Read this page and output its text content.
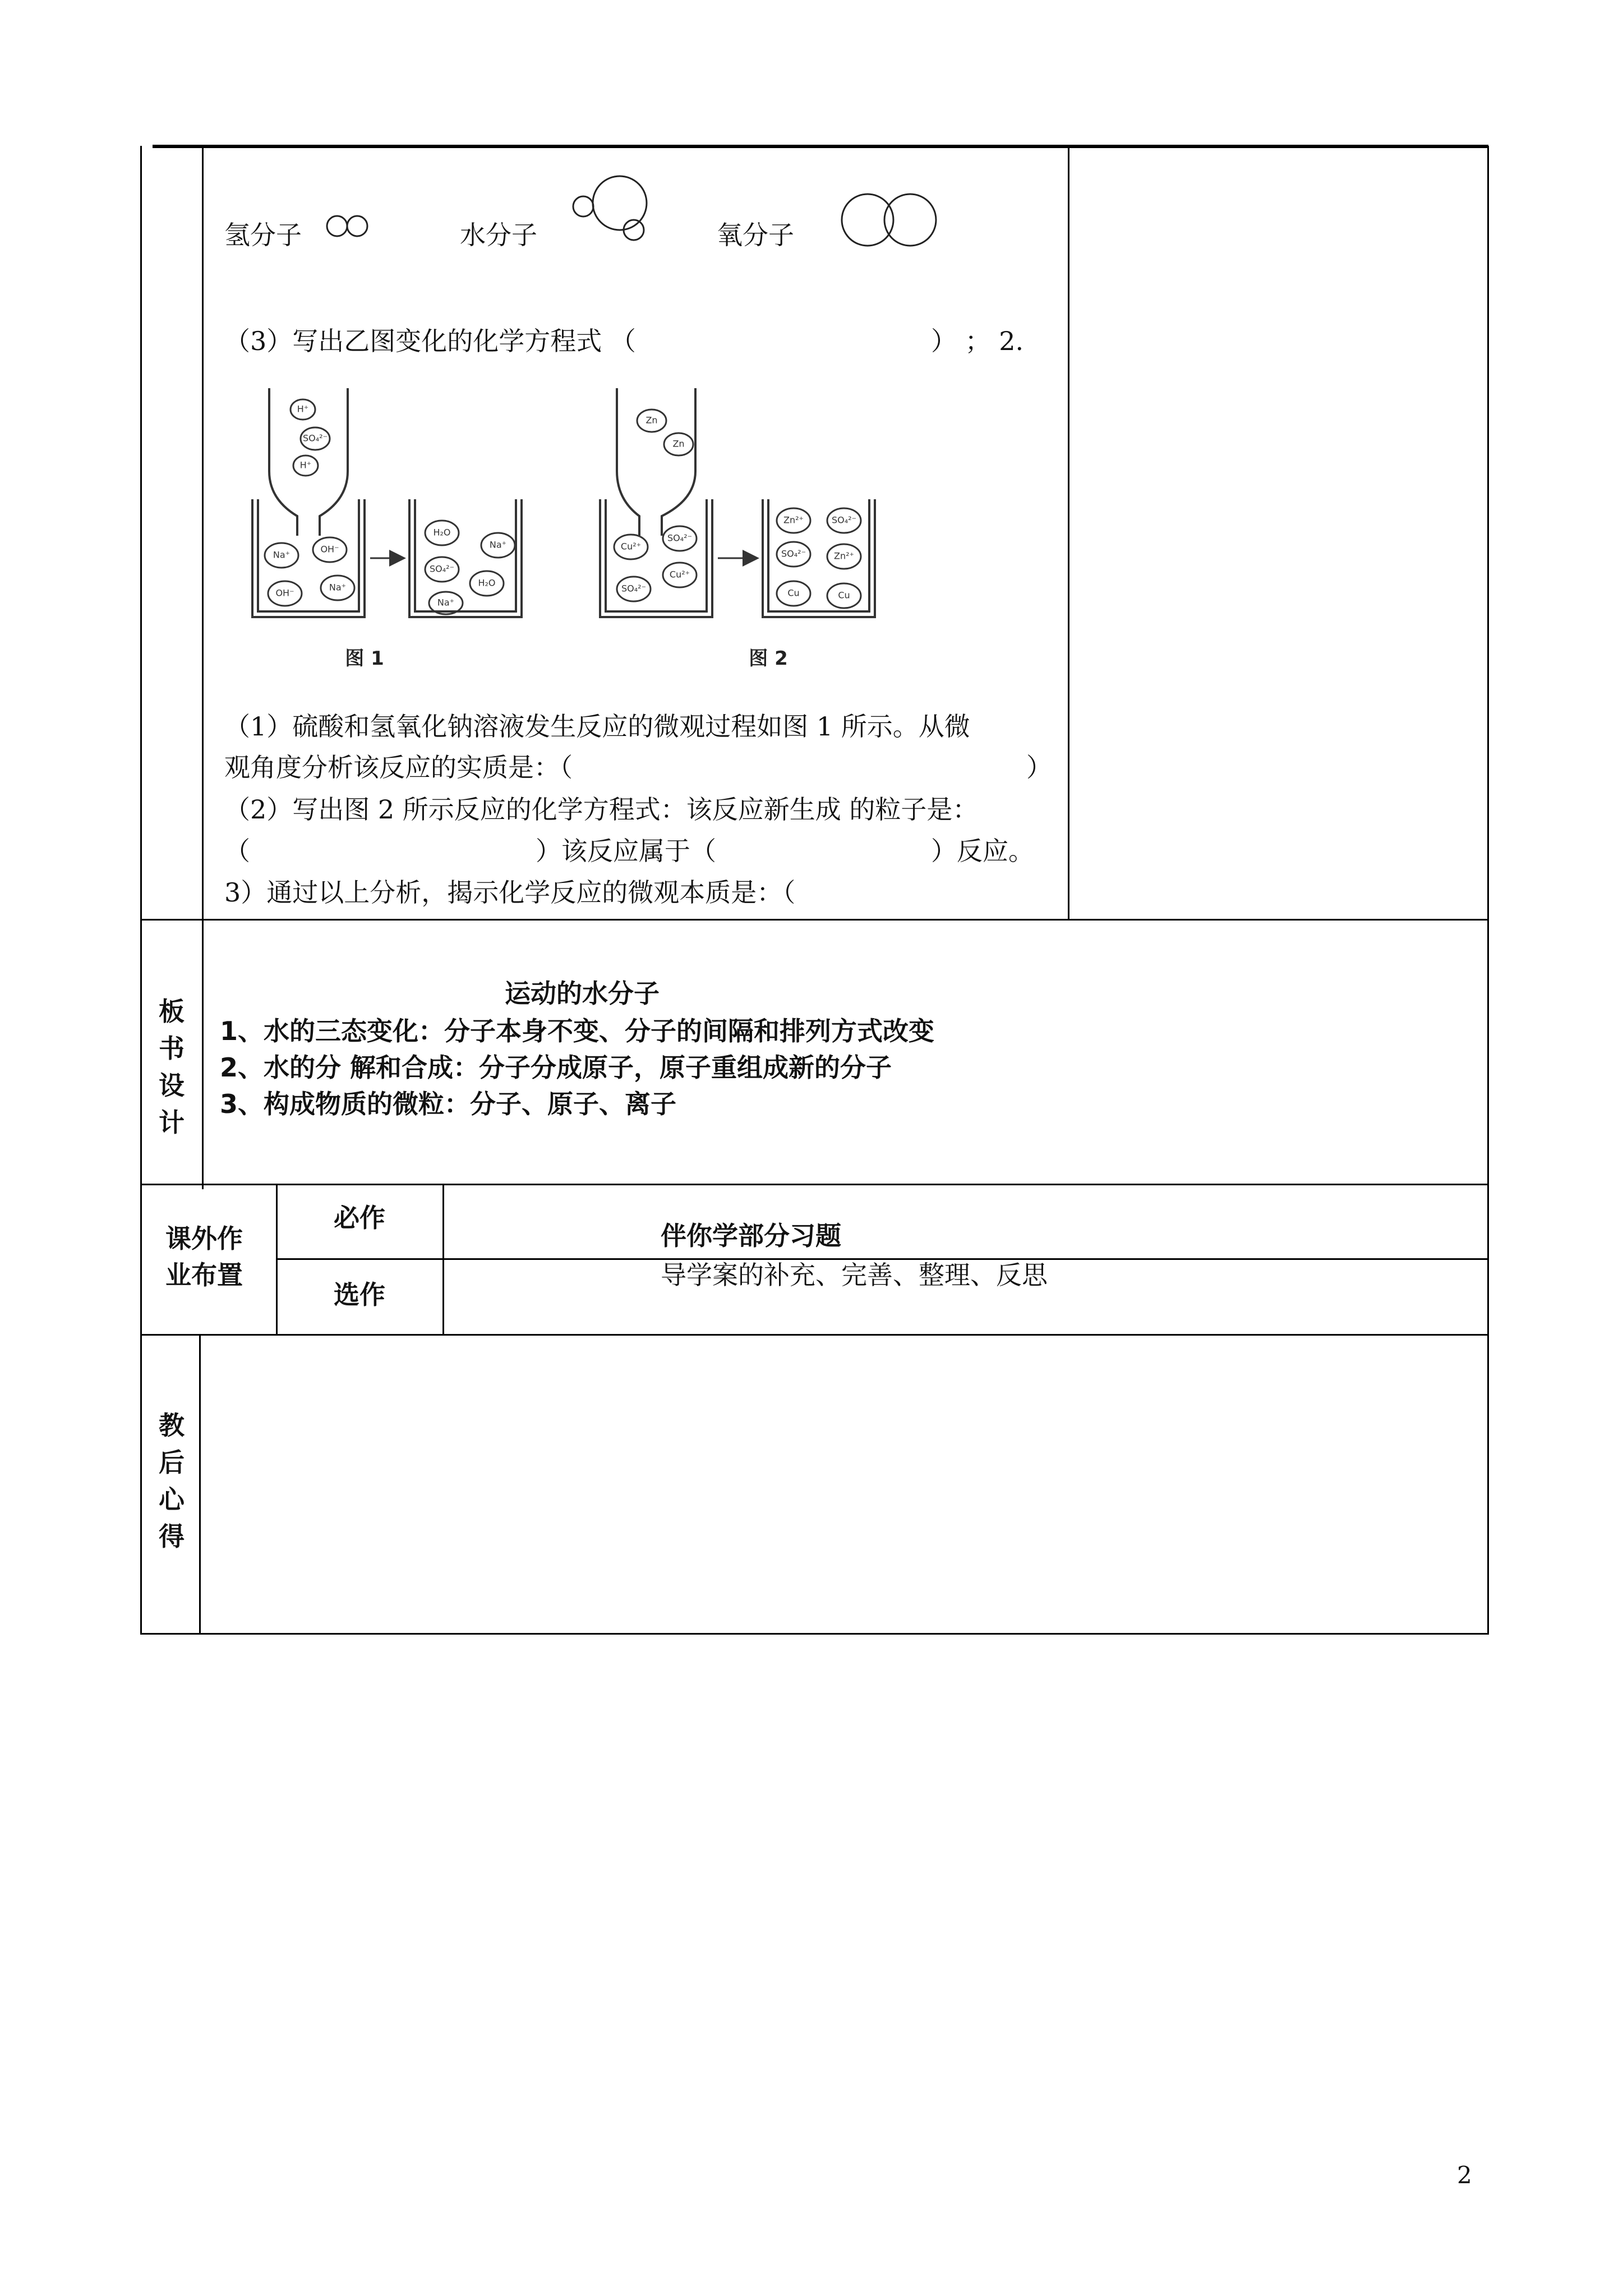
氢分子	水分子	氧分子
（3）写出乙图变化的化学方程式 （	） ； 2.
H⁺
SO₄²⁻
H⁺
Na⁺
OH⁻
OH⁻
Na⁺
H₂O
Na⁺
SO₄²⁻
H₂O
Na⁺
Zn
Zn
Cu²⁺
SO₄²⁻
Cu²⁺
SO₄²⁻
Zn²⁺	SO₄²⁻
SO₄²⁻	Zn²⁺
Cu	Cu
图 1	图 2
（1）硫酸和氢氧化钠溶液发生反应的微观过程如图 1 所示。从微
观角度分析该反应的实质是：（	）
（2）写出图 2 所示反应的化学方程式：该反应新生成 的粒子是：
（	）该反应属于（	）反应。
3）通过以上分析，揭示化学反应的微观本质是：（
板
书
设
计
运动的水分子
1、水的三态变化：分子本身不变、分子的间隔和排列方式改变
2、水的分 解和合成：分子分成原子，原子重组成新的分子
3、构成物质的微粒：分子、原子、离子
课外作
业布置
必作
伴你学部分习题
选作
导学案的补充、完善、整理、反思
教
后
心
得
2
